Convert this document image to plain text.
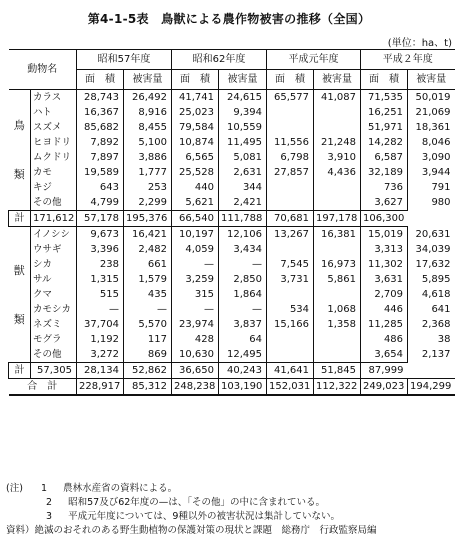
第4-1-5表　鳥獣による農作物被害の推移（全国）
(単位：ha、t)
動物名		昭和57年度		昭和62年度		平成元年度		平成２年度	
		面　積	被害量	面　積	被害量	面　積	被害量	面　積	被害量

鳥
類	カラス	28,743	26,492	41,741	24,615	65,577	41,087	71,535	50,019
	ハト	16,367	8,916	25,023	9,394			16,251	21,069
	スズメ	85,682	8,455	79,584	10,559			51,971	18,361
	ヒヨドリ	7,892	5,100	10,874	11,495	11,556	21,248	14,282	8,046
	ムクドリ	7,897	3,886	6,565	5,081	6,798	3,910	6,587	3,090
	カモ	19,589	1,777	25,528	2,631	27,857	4,436	32,189	3,944
	キジ	643	253	440	344			736	791
	その他	4,799	2,299	5,621	2,421			3,627	980
計	171,612	57,178	195,376	66,540	111,788	70,681	197,178	106,300	

獣
類	イノシシ	9,673	16,421	10,197	12,106	13,267	16,381	15,019	20,631
	ウサギ	3,396	2,482	4,059	3,434			3,313	34,039
	シカ	238	661	—	—	7,545	16,973	11,302	17,632
	サル	1,315	1,579	3,259	2,850	3,731	5,861	3,631	5,895
	クマ	515	435	315	1,864			2,709	4,618
	カモシカ	—	—	—	—	534	1,068	446	641
	ネズミ	37,704	5,570	23,974	3,837	15,166	1,358	11,285	2,368
	モグラ	1,192	117	428	64			486	38
	その他	3,272	869	10,630	12,495			3,654	2,137
計	57,305	28,134	52,862	36,650	40,243	41,641	51,845	87,999	
合　計		228,917	85,312	248,238	103,190	152,031	112,322	249,023	194,299
(注) 1 農林水産省の資料による。
2 昭和57及び62年度の—は、「その他」の中に含まれている。
3 平成元年度については、9種以外の被害状況は集計していない。
資料）絶滅のおそれのある野生動植物の保護対策の現状と課題　総務庁　行政監察局編
